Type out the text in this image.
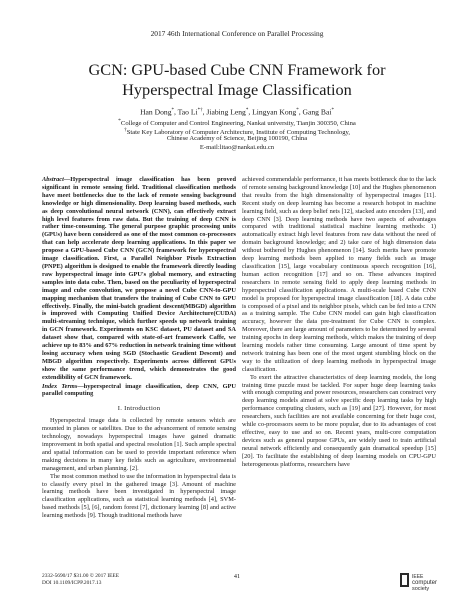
2017 46th International Conference on Parallel Processing
GCN: GPU-based Cube CNN Framework for
Hyperspectral Image Classification
Han Dong*, Tao Li*†, Jiabing Leng*, Lingyan Kong*, Gang Bai*
*College of Computer and Control Engineering, Nankai university, Tianjin 300350, China
†State Key Laboratory of Computer Architecture, Institute of Computing Technology,
Chinese Academy of Science, Beijing 100190, China
E-mail:litao@nankai.edu.cn

Abstract—Hyperspectral image classification has been proved significant in remote sensing field. Traditional classification methods have meet bottlenecks due to the lack of remote sensing background knowledge or high dimensionality. Deep learning based methods, such as deep convolutional neural network (CNN), can effectively extract high level features from raw data. But the training of deep CNN is rather time-consuming. The general purpose graphic processing units (GPUs) have been considered as one of the most common co-processors that can help accelerate deep learning applications. In this paper we propose a GPU-based Cube CNN (GCN) framework for hyperspectral image classification. First, a Parallel Neighbor Pixels Extraction (PNPE) algorithm is designed to enable the framework directly loading raw hyperspectral image into GPU's global memory, and extracting samples into data cube. Then, based on the peculiarity of hyperspectral image and cube convolution, we propose a novel Cube CNN-to-GPU mapping mechanism that transfers the training of Cube CNN to GPU effectively. Finally, the mini-batch gradient descent(MBGD) algorithm is improved with Computing Unified Device Architecture(CUDA) multi-streaming technique, which further speeds up network training in GCN framework. Experiments on KSC dataset, PU dataset and SA dataset show that, compared with state-of-art framework Caffe, we achieve up to 83% and 67% reduction in network training time without losing accuracy when using SGD (Stochastic Gradient Descent) and MBGD algorithm respectively. Experiments across different GPUs show the same performance trend, which demonstrates the good extendibility of GCN framework.

Index Terms—hyperspectral image classification, deep CNN, GPU parallel computing

I. Introduction

Hyperspectral image data is collected by remote sensors which are mounted in planes or satellites. Due to the advancement of remote sensing technology, nowadays hyperspectral images have gained dramatic improvement in both spatial and spectral resolution [1]. Such ample spectral and spatial information can be used to provide important reference when making decisions in many key fields such as agriculture, environmental management, and urban planning. [2].

The most common method to use the information in hyperspectral data is to classify every pixel in the gathered image [3]. Amount of machine learning methods have been investigated in hyperspectral image classification applications, such as statistical learning methods [4], SVM-based methods [5], [6], random forest [7], dictionary learning [8] and active learning methods [9]. Though traditional methods have

achieved commendable performance, it has meets bottleneck due to the lack of remote sensing background knowledge [10] and the Hughes phenomenon that results from the high dimensionality of hyperspectral images [11]. Recent study on deep learning has become a research hotspot in machine learning field, such as deep belief nets [12], stacked auto encoders [13], and deep CNN [3]. Deep learning methods have two aspects of advantages compared with traditional statistical machine learning methods: 1) automatically extract high level features from raw data without the need of domain background knowledge; and 2) take care of high dimension data without bothered by Hughes phenomenon [14]. Such merits have promote deep learning methods been applied to many fields such as image classification [15], large vocabulary continuous speech recognition [16], human action recognition [17] and so on. These advances inspired researchers in remote sensing field to apply deep learning methods in hyperspectral classification applications. A multi-scale based Cube CNN model is proposed for hyperspectral image classification [18]. A data cube is composed of a pixel and its neighbor pixels, which can be fed into a CNN as a training sample. The Cube CNN model can gain high classification accuracy, however the data pre-treatment for Cube CNN is complex. Moreover, there are large amount of parameters to be determined by several training epochs in deep learning methods, which makes the training of deep learning models rather time consuming. Large amount of time spent by network training has been one of the most urgent stumbling block on the way to the utilization of deep learning methods in hyperspectral image classification.

To exert the attractive characteristics of deep learning models, the long training time puzzle must be tackled. For super huge deep learning tasks with enough computing and power resources, researchers can construct very deep learning models aimed at solve specific deep learning tasks by high performance computing clusters, such as [19] and [27]. However, for most researchers, such facilities are not available concerning for their huge cost, while co-processors seem to be more popular, due to its advantages of cost effective, easy to use and so on. Recent years, multi-core computation devices such as general purpose GPUs, are widely used to train artificial neural network efficiently and consequently gain dramatical speedup [15] [20]. To facilitate the establishing of deep learning models on CPU-GPU heterogeneous platforms, researchers have

2332-5690/17 $31.00 © 2017 IEEE
DOI 10.1109/ICPP.2017.13
41	IEEE
computer
society
